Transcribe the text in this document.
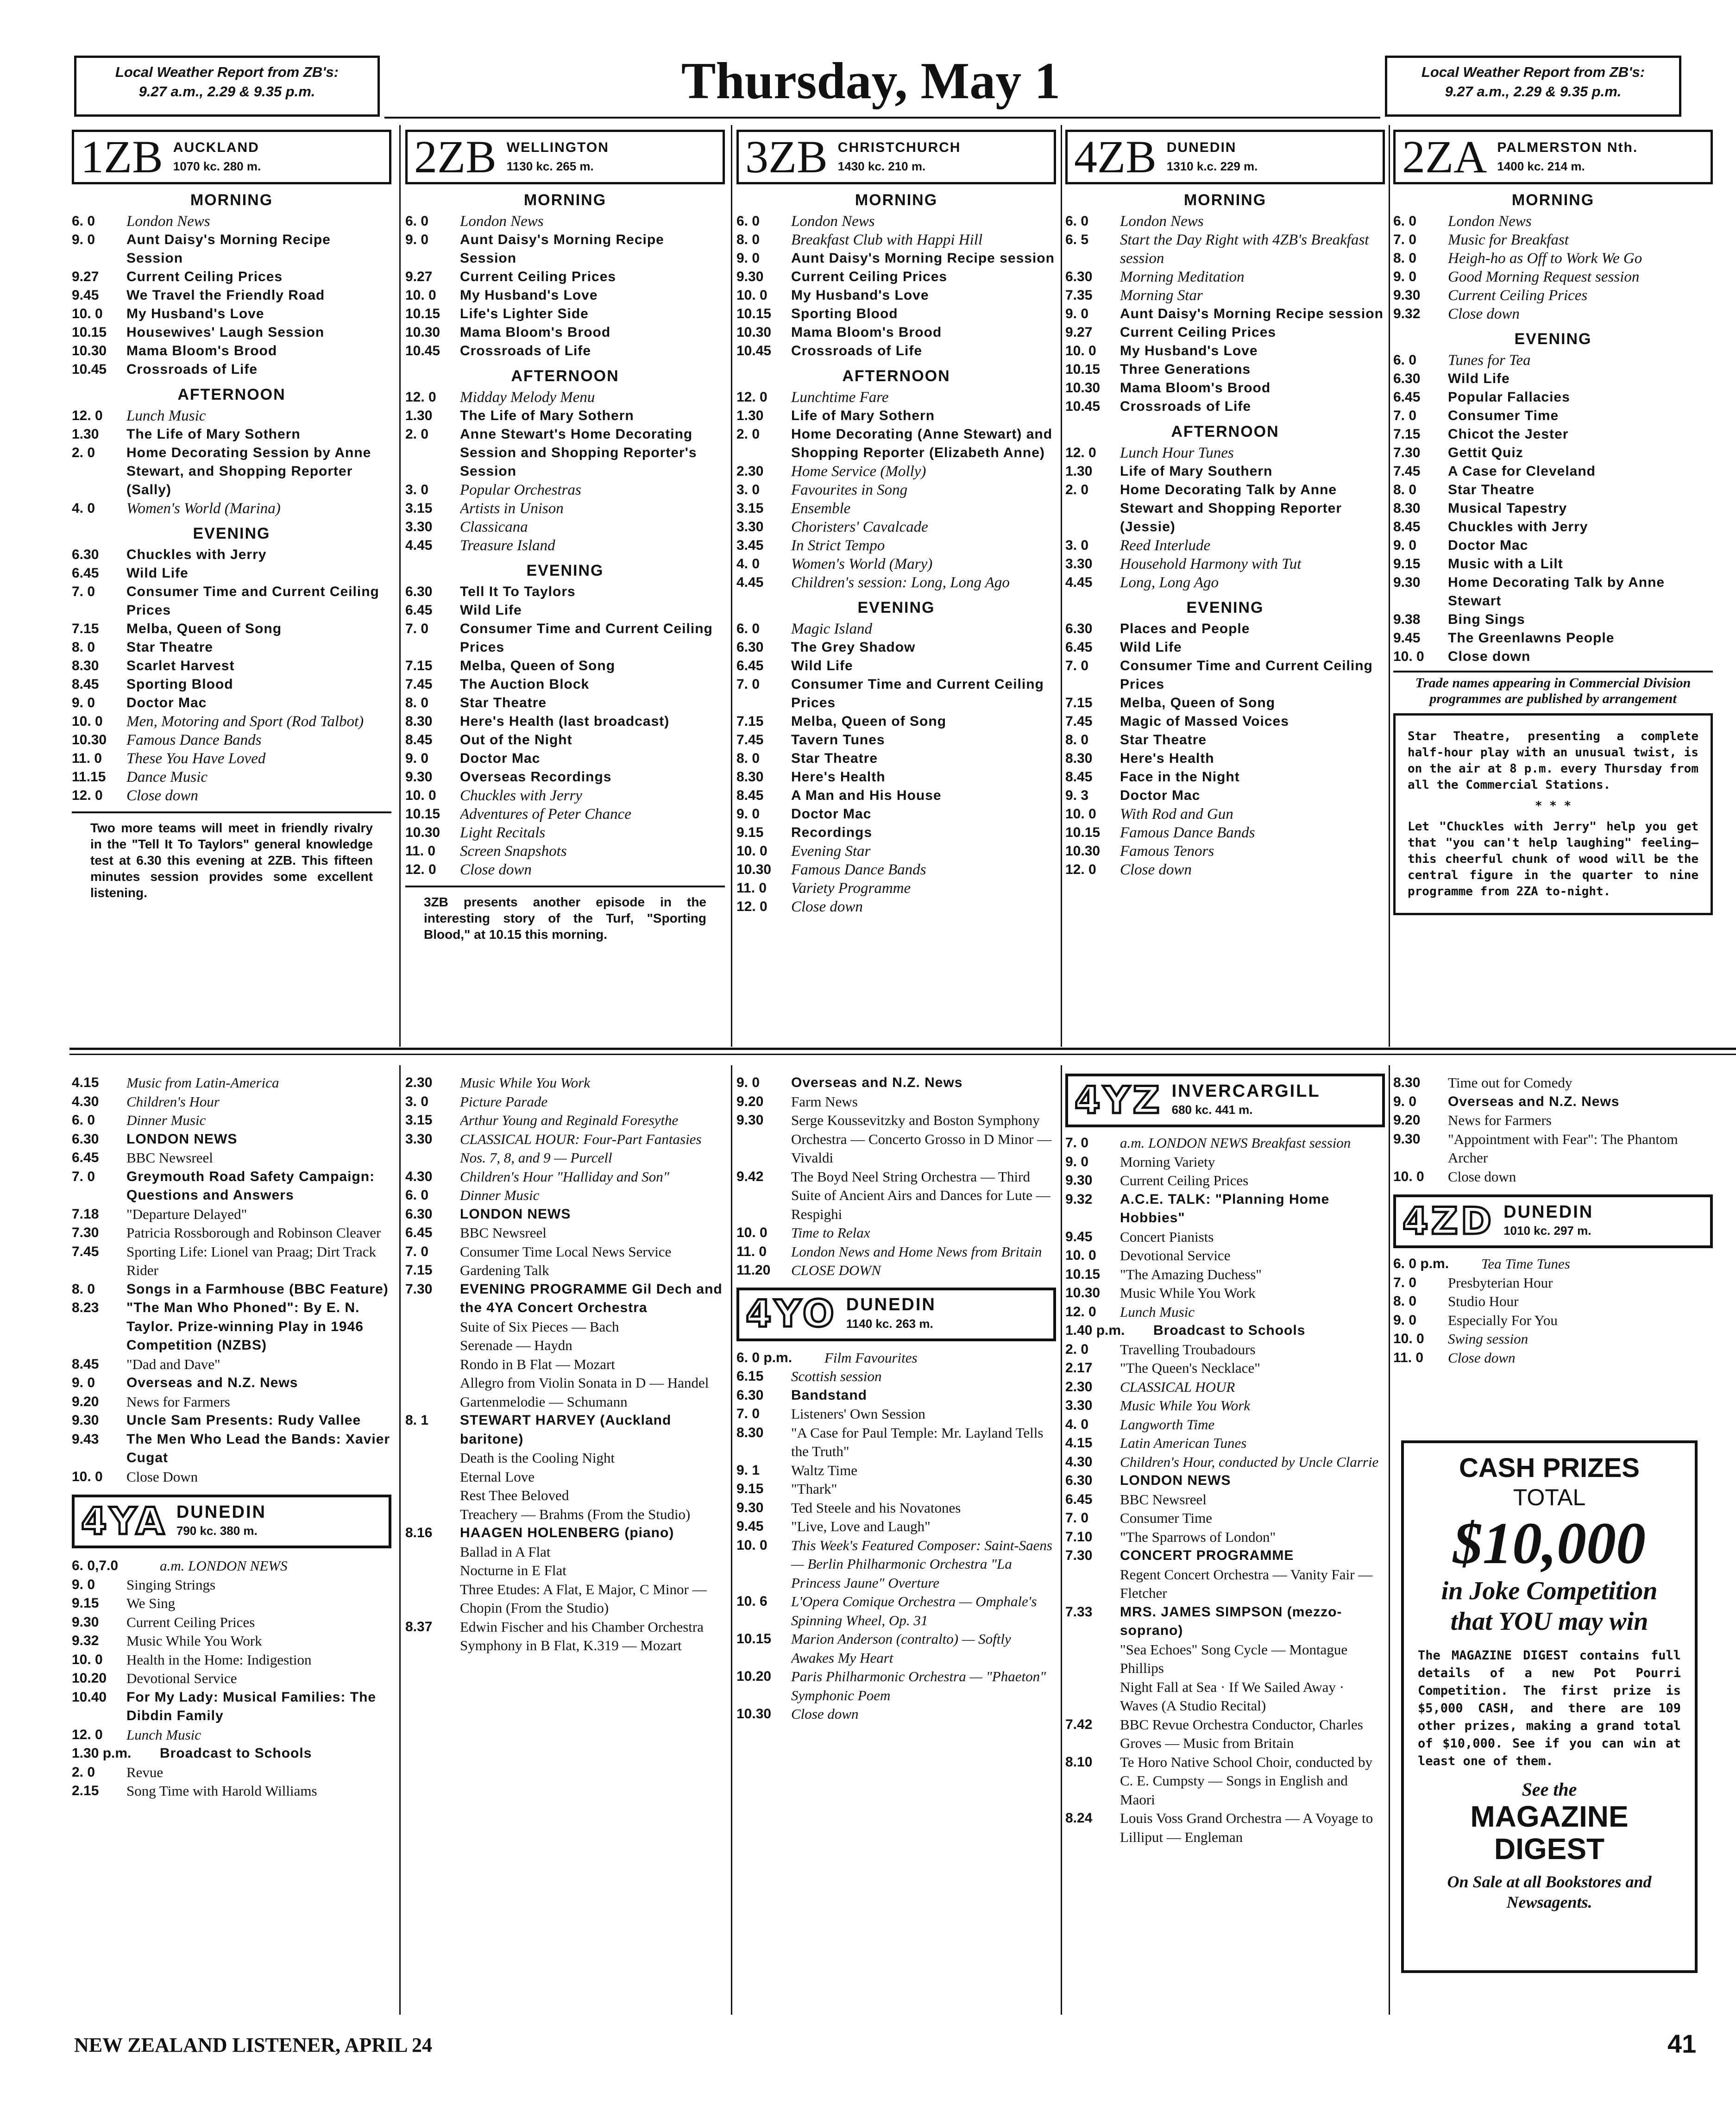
Local Weather Report from ZB's:
9.27 a.m., 2.29 & 9.35 p.m.	Thursday, May 1	Local Weather Report from ZB's:
9.27 a.m., 2.29 & 9.35 p.m.
1ZB AUCKLAND
1070 kc. 280 m.
MORNING
6. 0	London News
9. 0	Aunt Daisy's Morning Recipe Session
9.27	Current Ceiling Prices
9.45	We Travel the Friendly Road
10. 0	My Husband's Love
10.15	Housewives' Laugh Session
10.30	Mama Bloom's Brood
10.45	Crossroads of Life
AFTERNOON
12. 0	Lunch Music
1.30	The Life of Mary Sothern
2. 0	Home Decorating Session by Anne Stewart, and Shopping Reporter (Sally)
4. 0	Women's World (Marina)
EVENING
6.30	Chuckles with Jerry
6.45	Wild Life
7. 0	Consumer Time and Current Ceiling Prices
7.15	Melba, Queen of Song
8. 0	Star Theatre
8.30	Scarlet Harvest
8.45	Sporting Blood
9. 0	Doctor Mac
10. 0	Men, Motoring and Sport (Rod Talbot)
10.30	Famous Dance Bands
11. 0	These You Have Loved
11.15	Dance Music
12. 0	Close down
Two more teams will meet in friendly rivalry in the "Tell It To Taylors" general knowledge test at 6.30 this evening at 2ZB. This fifteen minutes session provides some excellent listening.
2ZB WELLINGTON
1130 kc. 265 m.
MORNING
6. 0	London News
9. 0	Aunt Daisy's Morning Recipe Session
9.27	Current Ceiling Prices
10. 0	My Husband's Love
10.15	Life's Lighter Side
10.30	Mama Bloom's Brood
10.45	Crossroads of Life
AFTERNOON
12. 0	Midday Melody Menu
1.30	The Life of Mary Sothern
2. 0	Anne Stewart's Home Decorating Session and Shopping Reporter's Session
3. 0	Popular Orchestras
3.15	Artists in Unison
3.30	Classicana
4.45	Treasure Island
EVENING
6.30	Tell It To Taylors
6.45	Wild Life
7. 0	Consumer Time and Current Ceiling Prices
7.15	Melba, Queen of Song
7.45	The Auction Block
8. 0	Star Theatre
8.30	Here's Health (last broadcast)
8.45	Out of the Night
9. 0	Doctor Mac
9.30	Overseas Recordings
10. 0	Chuckles with Jerry
10.15	Adventures of Peter Chance
10.30	Light Recitals
11. 0	Screen Snapshots
12. 0	Close down
3ZB presents another episode in the interesting story of the Turf, "Sporting Blood," at 10.15 this morning.
3ZB CHRISTCHURCH
1430 kc. 210 m.
MORNING
6. 0	London News
8. 0	Breakfast Club with Happi Hill
9. 0	Aunt Daisy's Morning Recipe session
9.30	Current Ceiling Prices
10. 0	My Husband's Love
10.15	Sporting Blood
10.30	Mama Bloom's Brood
10.45	Crossroads of Life
AFTERNOON
12. 0	Lunchtime Fare
1.30	Life of Mary Sothern
2. 0	Home Decorating (Anne Stewart) and Shopping Reporter (Elizabeth Anne)
2.30	Home Service (Molly)
3. 0	Favourites in Song
3.15	Ensemble
3.30	Choristers' Cavalcade
3.45	In Strict Tempo
4. 0	Women's World (Mary)
4.45	Children's session: Long, Long Ago
EVENING
6. 0	Magic Island
6.30	The Grey Shadow
6.45	Wild Life
7. 0	Consumer Time and Current Ceiling Prices
7.15	Melba, Queen of Song
7.45	Tavern Tunes
8. 0	Star Theatre
8.30	Here's Health
8.45	A Man and His House
9. 0	Doctor Mac
9.15	Recordings
10. 0	Evening Star
10.30	Famous Dance Bands
11. 0	Variety Programme
12. 0	Close down
4ZB DUNEDIN
1310 k.c. 229 m.
MORNING
6. 0	London News
6. 5	Start the Day Right with 4ZB's Breakfast session
6.30	Morning Meditation
7.35	Morning Star
9. 0	Aunt Daisy's Morning Recipe session
9.27	Current Ceiling Prices
10. 0	My Husband's Love
10.15	Three Generations
10.30	Mama Bloom's Brood
10.45	Crossroads of Life
AFTERNOON
12. 0	Lunch Hour Tunes
1.30	Life of Mary Southern
2. 0	Home Decorating Talk by Anne Stewart and Shopping Reporter (Jessie)
3. 0	Reed Interlude
3.30	Household Harmony with Tut
4.45	Long, Long Ago
EVENING
6.30	Places and People
6.45	Wild Life
7. 0	Consumer Time and Current Ceiling Prices
7.15	Melba, Queen of Song
7.45	Magic of Massed Voices
8. 0	Star Theatre
8.30	Here's Health
8.45	Face in the Night
9. 3	Doctor Mac
10. 0	With Rod and Gun
10.15	Famous Dance Bands
10.30	Famous Tenors
12. 0	Close down
2ZA PALMERSTON Nth.
1400 kc. 214 m.
MORNING
6. 0	London News
7. 0	Music for Breakfast
8. 0	Heigh-ho as Off to Work We Go
9. 0	Good Morning Request session
9.30	Current Ceiling Prices
9.32	Close down
EVENING
6. 0	Tunes for Tea
6.30	Wild Life
6.45	Popular Fallacies
7. 0	Consumer Time
7.15	Chicot the Jester
7.30	Gettit Quiz
7.45	A Case for Cleveland
8. 0	Star Theatre
8.30	Musical Tapestry
8.45	Chuckles with Jerry
9. 0	Doctor Mac
9.15	Music with a Lilt
9.30	Home Decorating Talk by Anne Stewart
9.38	Bing Sings
9.45	The Greenlawns People
10. 0	Close down
Trade names appearing in Commercial Division programmes are published by arrangement
Star Theatre, presenting a complete half-hour play with an unusual twist, is on the air at 8 p.m. every Thursday from all the Commercial Stations.
* * *
Let "Chuckles with Jerry" help you get that "you can't help laughing" feeling—this cheerful chunk of wood will be the central figure in the quarter to nine programme from 2ZA to-night.
4.15	Music from Latin-America
4.30	Children's Hour
6. 0	Dinner Music
6.30	LONDON NEWS
6.45	BBC Newsreel
7. 0	Greymouth Road Safety Campaign: Questions and Answers
7.18	"Departure Delayed"
7.30	Patricia Rossborough and Robinson Cleaver
7.45	Sporting Life: Lionel van Praag; Dirt Track Rider
8. 0	Songs in a Farmhouse (BBC Feature)
8.23	"The Man Who Phoned": By E. N. Taylor. Prize-winning Play in 1946 Competition (NZBS)
8.45	"Dad and Dave"
9. 0	Overseas and N.Z. News
9.20	News for Farmers
9.30	Uncle Sam Presents: Rudy Vallee
9.43	The Men Who Lead the Bands: Xavier Cugat
10. 0	Close Down
4YA DUNEDIN
790 kc. 380 m.
6. 0,7.0	a.m. LONDON NEWS
9. 0	Singing Strings
9.15	We Sing
9.30	Current Ceiling Prices
9.32	Music While You Work
10. 0	Health in the Home: Indigestion
10.20	Devotional Service
10.40	For My Lady: Musical Families: The Dibdin Family
12. 0	Lunch Music
1.30 p.m.	Broadcast to Schools
2. 0	Revue
2.15	Song Time with Harold Williams
2.30	Music While You Work
3. 0	Picture Parade
3.15	Arthur Young and Reginald Foresythe
3.30	CLASSICAL HOUR: Four-Part Fantasies Nos. 7, 8, and 9 — Purcell
4.30	Children's Hour "Halliday and Son"
6. 0	Dinner Music
6.30	LONDON NEWS
6.45	BBC Newsreel
7. 0	Consumer Time Local News Service
7.15	Gardening Talk
7.30	EVENING PROGRAMME Gil Dech and the 4YA Concert Orchestra
Suite of Six Pieces — Bach
Serenade — Haydn
Rondo in B Flat — Mozart
Allegro from Violin Sonata in D — Handel
Gartenmelodie — Schumann
8. 1	STEWART HARVEY (Auckland baritone)
Death is the Cooling Night
Eternal Love
Rest Thee Beloved
Treachery — Brahms (From the Studio)
8.16	HAAGEN HOLENBERG (piano)
Ballad in A Flat
Nocturne in E Flat
Three Etudes: A Flat, E Major, C Minor — Chopin (From the Studio)
8.37	Edwin Fischer and his Chamber Orchestra
Symphony in B Flat, K.319 — Mozart
9. 0	Overseas and N.Z. News
9.20	Farm News
9.30	Serge Koussevitzky and Boston Symphony Orchestra — Concerto Grosso in D Minor — Vivaldi
9.42	The Boyd Neel String Orchestra — Third Suite of Ancient Airs and Dances for Lute — Respighi
10. 0	Time to Relax
11. 0	London News and Home News from Britain
11.20	CLOSE DOWN
4YO DUNEDIN
1140 kc. 263 m.
6. 0 p.m.	Film Favourites
6.15	Scottish session
6.30	Bandstand
7. 0	Listeners' Own Session
8.30	"A Case for Paul Temple: Mr. Layland Tells the Truth"
9. 1	Waltz Time
9.15	"Thark"
9.30	Ted Steele and his Novatones
9.45	"Live, Love and Laugh"
10. 0	This Week's Featured Composer: Saint-Saens — Berlin Philharmonic Orchestra "La Princess Jaune" Overture
10. 6	L'Opera Comique Orchestra — Omphale's Spinning Wheel, Op. 31
10.15	Marion Anderson (contralto) — Softly Awakes My Heart
10.20	Paris Philharmonic Orchestra — "Phaeton" Symphonic Poem
10.30	Close down
4YZ INVERCARGILL
680 kc. 441 m.
7. 0	a.m. LONDON NEWS Breakfast session
9. 0	Morning Variety
9.30	Current Ceiling Prices
9.32	A.C.E. TALK: "Planning Home Hobbies"
9.45	Concert Pianists
10. 0	Devotional Service
10.15	"The Amazing Duchess"
10.30	Music While You Work
12. 0	Lunch Music
1.40 p.m.	Broadcast to Schools
2. 0	Travelling Troubadours
2.17	"The Queen's Necklace"
2.30	CLASSICAL HOUR
3.30	Music While You Work
4. 0	Langworth Time
4.15	Latin American Tunes
4.30	Children's Hour, conducted by Uncle Clarrie
6.30	LONDON NEWS
6.45	BBC Newsreel
7. 0	Consumer Time
7.10	"The Sparrows of London"
7.30	CONCERT PROGRAMME
Regent Concert Orchestra — Vanity Fair — Fletcher
7.33	MRS. JAMES SIMPSON (mezzo-soprano)
"Sea Echoes" Song Cycle — Montague Phillips
Night Fall at Sea · If We Sailed Away · Waves (A Studio Recital)
7.42	BBC Revue Orchestra Conductor, Charles Groves — Music from Britain
8.10	Te Horo Native School Choir, conducted by C. E. Cumpsty — Songs in English and Maori
8.24	Louis Voss Grand Orchestra — A Voyage to Lilliput — Engleman
8.30	Time out for Comedy
9. 0	Overseas and N.Z. News
9.20	News for Farmers
9.30	"Appointment with Fear": The Phantom Archer
10. 0	Close down
4ZD DUNEDIN
1010 kc. 297 m.
6. 0 p.m.	Tea Time Tunes
7. 0	Presbyterian Hour
8. 0	Studio Hour
9. 0	Especially For You
10. 0	Swing session
11. 0	Close down
CASH PRIZES
TOTAL
$10,000
in Joke Competition
that YOU may win
The MAGAZINE DIGEST contains full details of a new Pot Pourri Competition. The first prize is $5,000 CASH, and there are 109 other prizes, making a grand total of $10,000. See if you can win at least one of them.
See the
MAGAZINE
DIGEST
On Sale at all Bookstores and Newsagents.
NEW ZEALAND LISTENER, APRIL 24	41
